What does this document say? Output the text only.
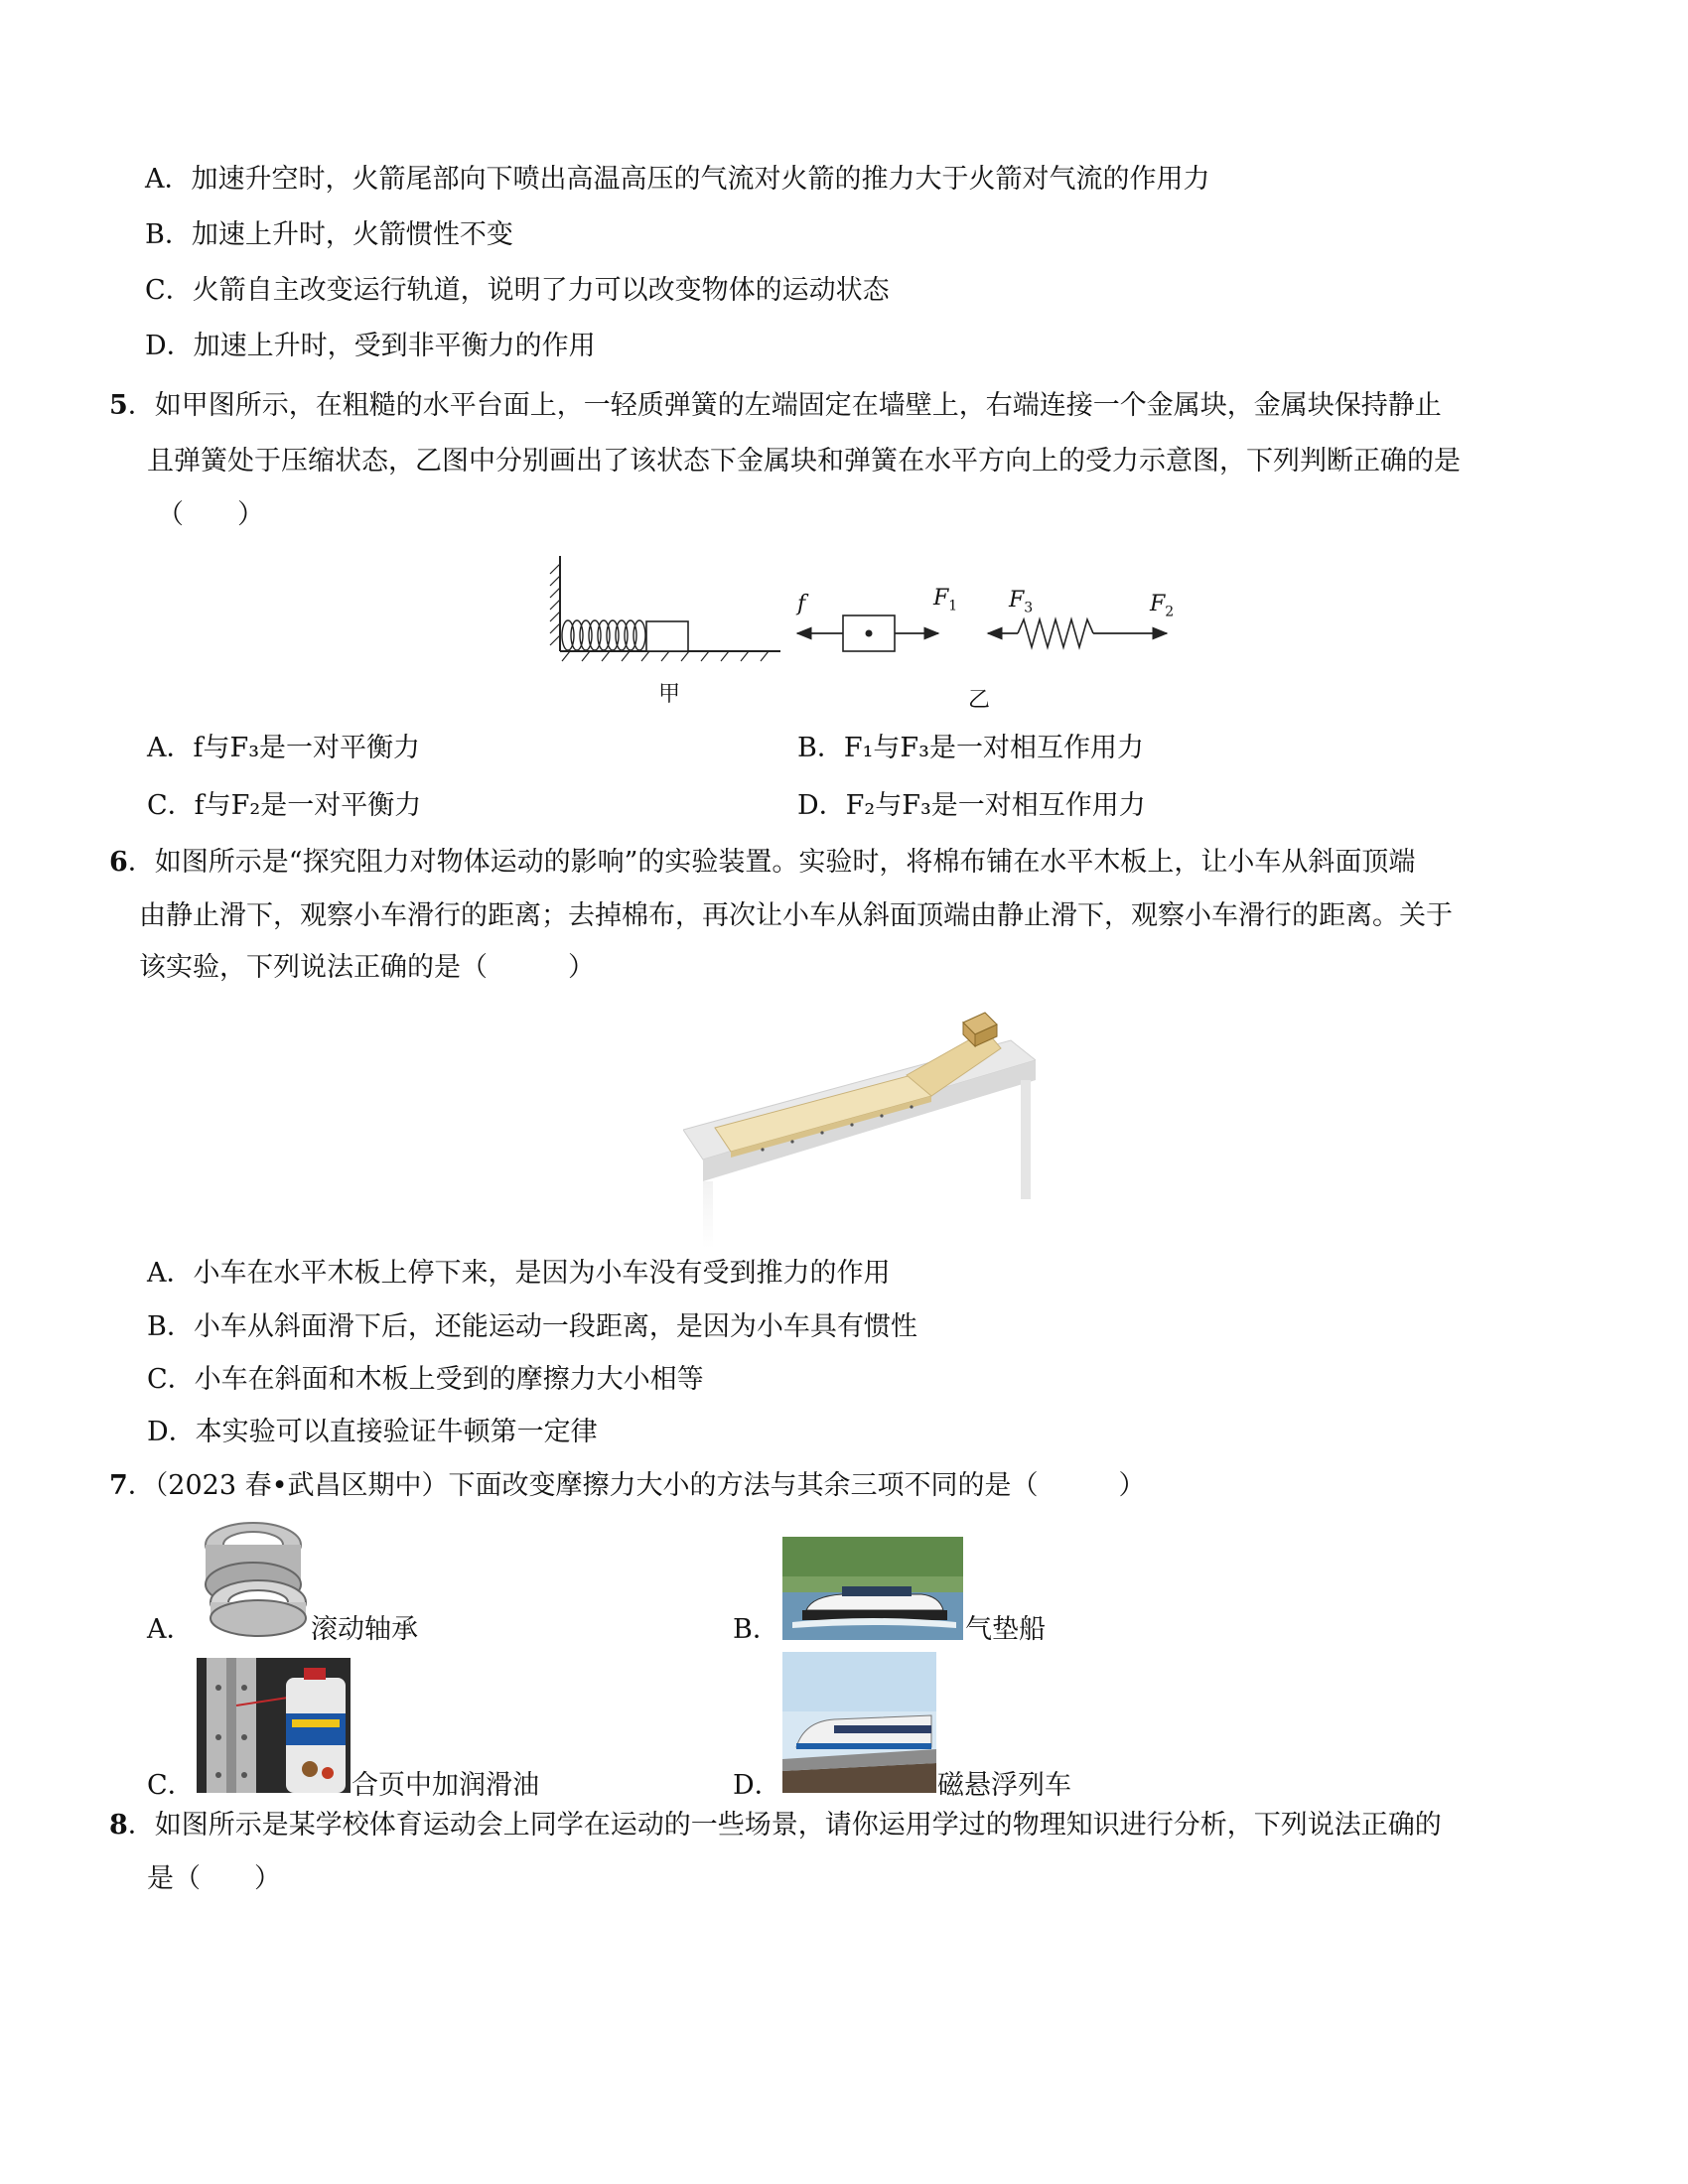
A．加速升空时，火箭尾部向下喷出高温高压的气流对火箭的推力大于火箭对气流的作用力
B．加速上升时，火箭惯性不变
C．火箭自主改变运行轨道，说明了力可以改变物体的运动状态
D．加速上升时，受到非平衡力的作用
5．如甲图所示，在粗糙的水平台面上，一轻质弹簧的左端固定在墙壁上，右端连接一个金属块，金属块保持静止
且弹簧处于压缩状态，乙图中分别画出了该状态下金属块和弹簧在水平方向上的受力示意图，下列判断正确的是
（　　）
甲
f	$F_1$ $F_3$	$F_2$
乙
A．f与F₃是一对平衡力	B．F₁与F₃是一对相互作用力
C．f与F₂是一对平衡力	D．F₂与F₃是一对相互作用力
6．如图所示是“探究阻力对物体运动的影响”的实验装置。实验时，将棉布铺在水平木板上，让小车从斜面顶端
由静止滑下，观察小车滑行的距离；去掉棉布，再次让小车从斜面顶端由静止滑下，观察小车滑行的距离。关于
该实验，下列说法正确的是（　　　）
A．小车在水平木板上停下来，是因为小车没有受到推力的作用
B．小车从斜面滑下后，还能运动一段距离，是因为小车具有惯性
C．小车在斜面和木板上受到的摩擦力大小相等
D．本实验可以直接验证牛顿第一定律
7．（2023 春•武昌区期中）下面改变摩擦力大小的方法与其余三项不同的是（　　　）
A．	滚动轴承	B．	气垫船
C．	合页中加润滑油	D．	磁悬浮列车
8．如图所示是某学校体育运动会上同学在运动的一些场景，请你运用学过的物理知识进行分析，下列说法正确的
是（　　）
